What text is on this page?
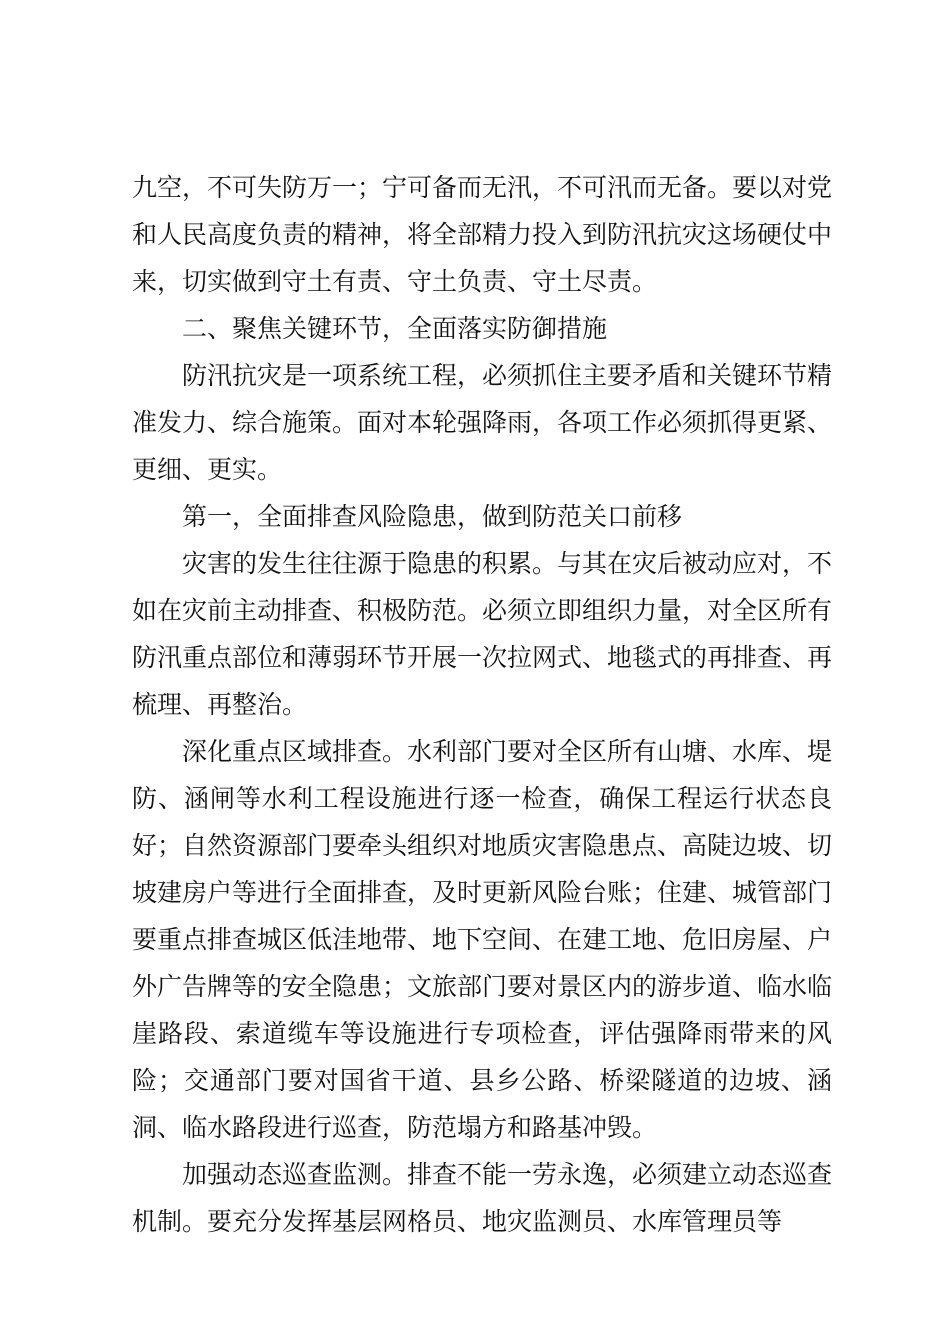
九空，不可失防万一；宁可备而无汛，不可汛而无备。要以对党和人民高度负责的精神，将全部精力投入到防汛抗灾这场硬仗中来，切实做到守土有责、守土负责、守土尽责。

二、聚焦关键环节，全面落实防御措施

防汛抗灾是一项系统工程，必须抓住主要矛盾和关键环节精准发力、综合施策。面对本轮强降雨，各项工作必须抓得更紧、更细、更实。

第一，全面排查风险隐患，做到防范关口前移

灾害的发生往往源于隐患的积累。与其在灾后被动应对，不如在灾前主动排查、积极防范。必须立即组织力量，对全区所有防汛重点部位和薄弱环节开展一次拉网式、地毯式的再排查、再梳理、再整治。

深化重点区域排查。水利部门要对全区所有山塘、水库、堤防、涵闸等水利工程设施进行逐一检查，确保工程运行状态良好；自然资源部门要牵头组织对地质灾害隐患点、高陡边坡、切坡建房户等进行全面排查，及时更新风险台账；住建、城管部门要重点排查城区低洼地带、地下空间、在建工地、危旧房屋、户外广告牌等的安全隐患；文旅部门要对景区内的游步道、临水临崖路段、索道缆车等设施进行专项检查，评估强降雨带来的风险；交通部门要对国省干道、县乡公路、桥梁隧道的边坡、涵洞、临水路段进行巡查，防范塌方和路基冲毁。

加强动态巡查监测。排查不能一劳永逸，必须建立动态巡查机制。要充分发挥基层网格员、地灾监测员、水库管理员等
